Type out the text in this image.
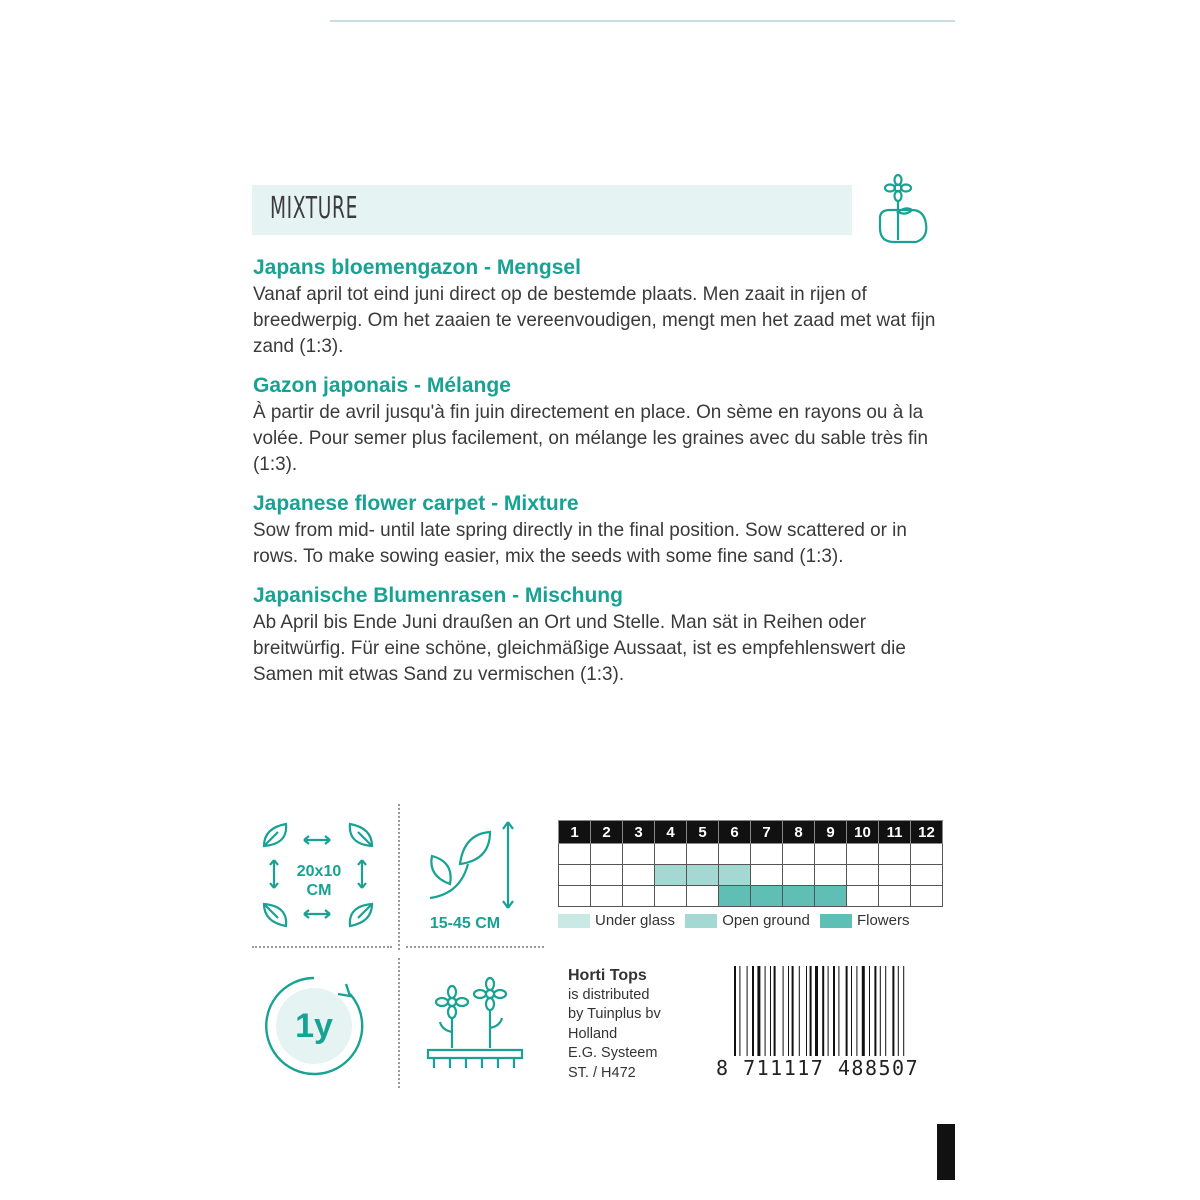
MIXTURE
Japans bloemengazon - Mengsel
Vanaf april tot eind juni direct op de bestemde plaats. Men zaait in rijen of breedwerpig. Om het zaaien te vereenvoudigen, mengt men het zaad met wat fijn zand (1:3).
Gazon japonais - Mélange
À partir de avril jusqu'à fin juin directement en place. On sème en rayons ou à la volée. Pour semer plus facilement, on mélange les graines avec du sable très fin (1:3).
Japanese flower carpet - Mixture
Sow from mid- until late spring directly in the final position. Sow scattered or in rows. To make sowing easier, mix the seeds with some fine sand (1:3).
Japanische Blumenrasen - Mischung
Ab April bis Ende Juni draußen an Ort und Stelle. Man sät in Reihen oder breitwürfig. Für eine schöne, gleichmäßige Aussaat, ist es empfehlenswert die Samen mit etwas Sand zu vermischen (1:3).
20x10
CM
15-45 CM
1y
1	2	3	4	5	6	7	8	9	10	11	12

Under glass
	Open ground
	Flowers
Horti Tops
is distributed
by Tuinplus bv
Holland
E.G. Systeem
ST. / H472	8 711117 488507
